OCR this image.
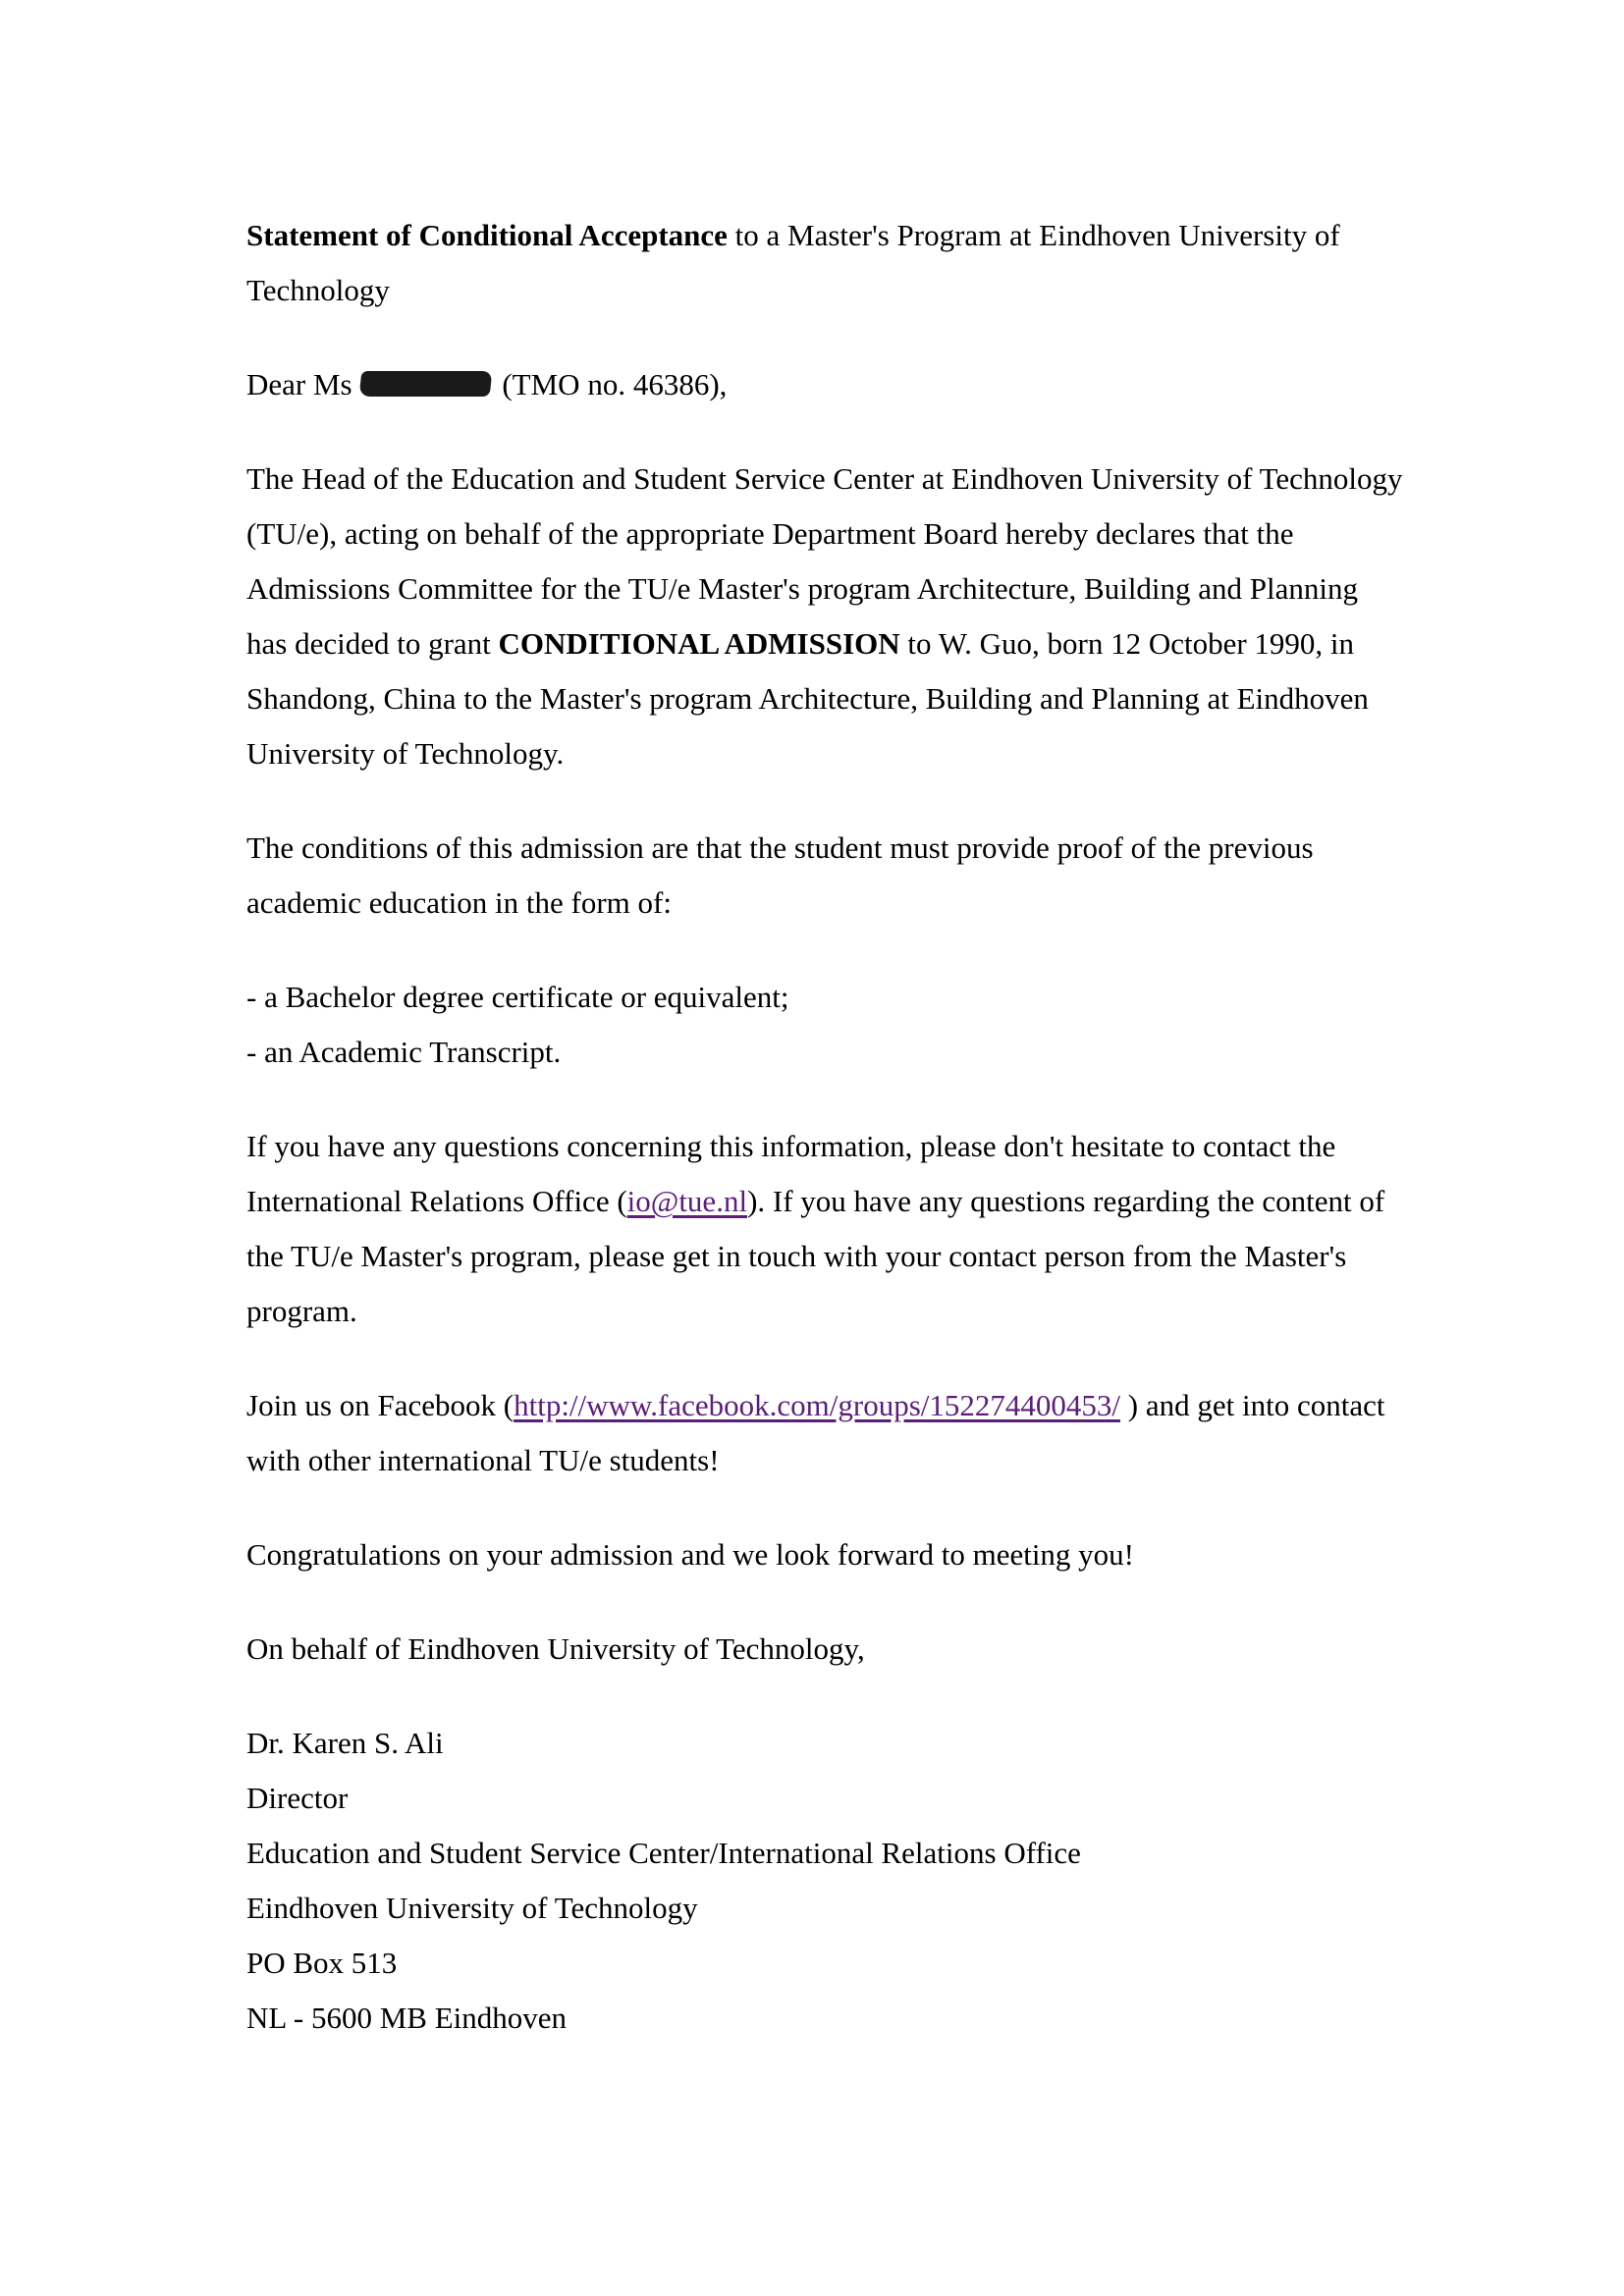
Statement of Conditional Acceptance to a Master's Program at Eindhoven University of Technology

Dear Ms	(TMO no. 46386),

The Head of the Education and Student Service Center at Eindhoven University of Technology (TU/e), acting on behalf of the appropriate Department Board hereby declares that the Admissions Committee for the TU/e Master's program Architecture, Building and Planning has decided to grant CONDITIONAL ADMISSION to W. Guo, born 12 October 1990, in Shandong, China to the Master's program Architecture, Building and Planning at Eindhoven University of Technology.

The conditions of this admission are that the student must provide proof of the previous academic education in the form of:

- a Bachelor degree certificate or equivalent;

- an Academic Transcript.

If you have any questions concerning this information, please don't hesitate to contact the International Relations Office (io@tue.nl). If you have any questions regarding the content of the TU/e Master's program, please get in touch with your contact person from the Master's program.

Join us on Facebook (http://www.facebook.com/groups/152274400453/ ) and get into contact with other international TU/e students!

Congratulations on your admission and we look forward to meeting you!

On behalf of Eindhoven University of Technology,

Dr. Karen S. Ali
Director
Education and Student Service Center/International Relations Office
Eindhoven University of Technology
PO Box 513
NL - 5600 MB Eindhoven
